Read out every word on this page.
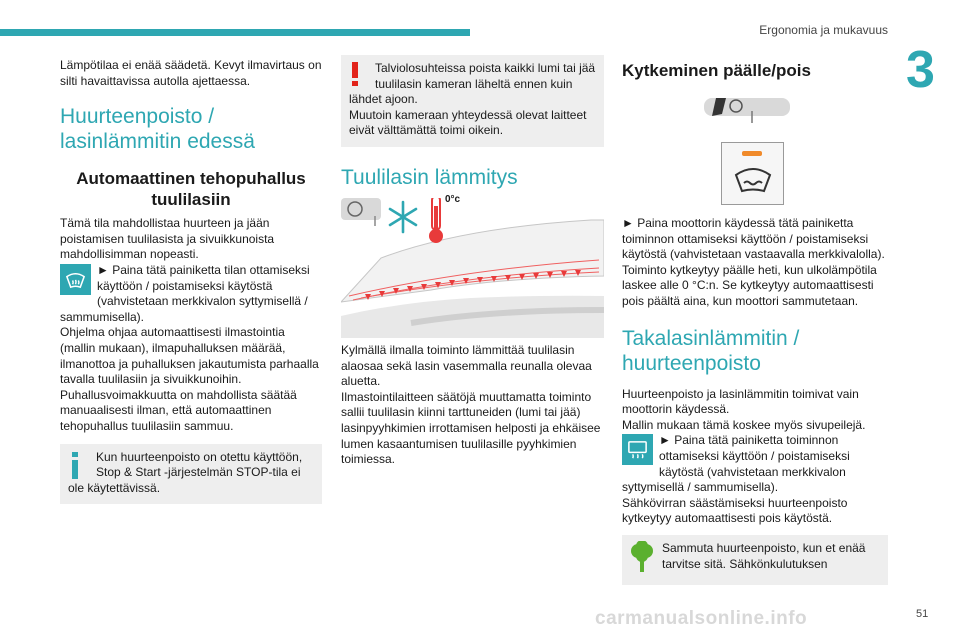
Ergonomia ja mukavuus
3

Lämpötilaa ei enää säädetä. Kevyt ilmavirtaus on silti havaittavissa autolla ajettaessa.

Huurteenpoisto / lasinlämmitin edessä
Automaattinen tehopuhallus tuulilasiin

Tämä tila mahdollistaa huurteen ja jään poistamisen tuulilasista ja sivuikkunoista mahdollisimman nopeasti.

► Paina tätä painiketta tilan ottamiseksi käyttöön / poistamiseksi käytöstä (vahvistetaan merkkivalon syttymisellä / sammumisella).

Ohjelma ohjaa automaattisesti ilmastointia (mallin mukaan), ilmapuhalluksen määrää, ilmanottoa ja puhalluksen jakautumista parhaalla tavalla tuulilasiin ja sivuikkunoihin.

Puhallusvoimakkuutta on mahdollista säätää manuaalisesti ilman, että automaattinen tehopuhallus tuulilasiin sammuu.

Kun huurteenpoisto on otettu käyttöön, Stop & Start -järjestelmän STOP-tila ei ole käytettävissä.

Talviolosuhteissa poista kaikki lumi tai jää tuulilasin kameran läheltä ennen kuin lähdet ajoon.

Muutoin kameraan yhteydessä olevat laitteet eivät välttämättä toimi oikein.

Tuulilasin lämmitys
0°c

Kylmällä ilmalla toiminto lämmittää tuulilasin alaosaa sekä lasin vasemmalla reunalla olevaa aluetta.

Ilmastointilaitteen säätöjä muuttamatta toiminto sallii tuulilasin kiinni tarttuneiden (lumi tai jää) lasinpyyhkimien irrottamisen helposti ja ehkäisee lumen kasaantumisen tuulilasille pyyhkimien toimiessa.

Kytkeminen päälle/pois

► Paina moottorin käydessä tätä painiketta toiminnon ottamiseksi käyttöön / poistamiseksi käytöstä (vahvistetaan vastaavalla merkkivalolla).

Toiminto kytkeytyy päälle heti, kun ulkolämpötila laskee alle 0 °C:n. Se kytkeytyy automaattisesti pois päältä aina, kun moottori sammutetaan.

Takalasinlämmitin / huurteenpoisto

Huurteenpoisto ja lasinlämmitin toimivat vain moottorin käydessä.

Mallin mukaan tämä koskee myös sivupeilejä.

► Paina tätä painiketta toiminnon ottamiseksi käyttöön / poistamiseksi käytöstä (vahvistetaan merkkivalon syttymisellä / sammumisella).

Sähkövirran säästämiseksi huurteenpoisto kytkeytyy automaattisesti pois käytöstä.

Sammuta huurteenpoisto, kun et enää tarvitse sitä. Sähkönkulutuksen
carmanualsonline.info	51
